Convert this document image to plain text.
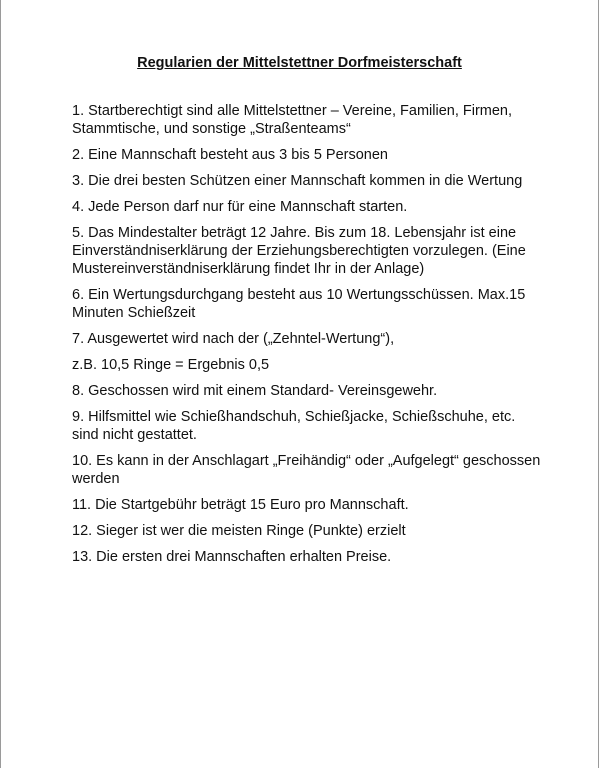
Regularien der Mittelstettner Dorfmeisterschaft
1. Startberechtigt sind alle Mittelstettner – Vereine, Familien, Firmen,
Stammtische, und sonstige „Straßenteams“
2. Eine Mannschaft besteht aus 3 bis 5 Personen
3. Die drei besten Schützen einer Mannschaft kommen in die Wertung
4. Jede Person darf nur für eine Mannschaft starten.
5. Das Mindestalter beträgt 12 Jahre. Bis zum 18. Lebensjahr ist eine
Einverständniserklärung der Erziehungsberechtigten vorzulegen. (Eine
Mustereinverständniserklärung findet Ihr in der Anlage)
6. Ein Wertungsdurchgang besteht aus 10 Wertungsschüssen. Max.15
Minuten Schießzeit
7. Ausgewertet wird nach der („Zehntel-Wertung“),
z.B. 10,5 Ringe = Ergebnis 0,5
8. Geschossen wird mit einem Standard- Vereinsgewehr.
9. Hilfsmittel wie Schießhandschuh, Schießjacke, Schießschuhe, etc.
sind nicht gestattet.
10. Es kann in der Anschlagart „Freihändig“ oder „Aufgelegt“ geschossen
werden
11. Die Startgebühr beträgt 15 Euro pro Mannschaft.
12. Sieger ist wer die meisten Ringe (Punkte) erzielt
13. Die ersten drei Mannschaften erhalten Preise.
